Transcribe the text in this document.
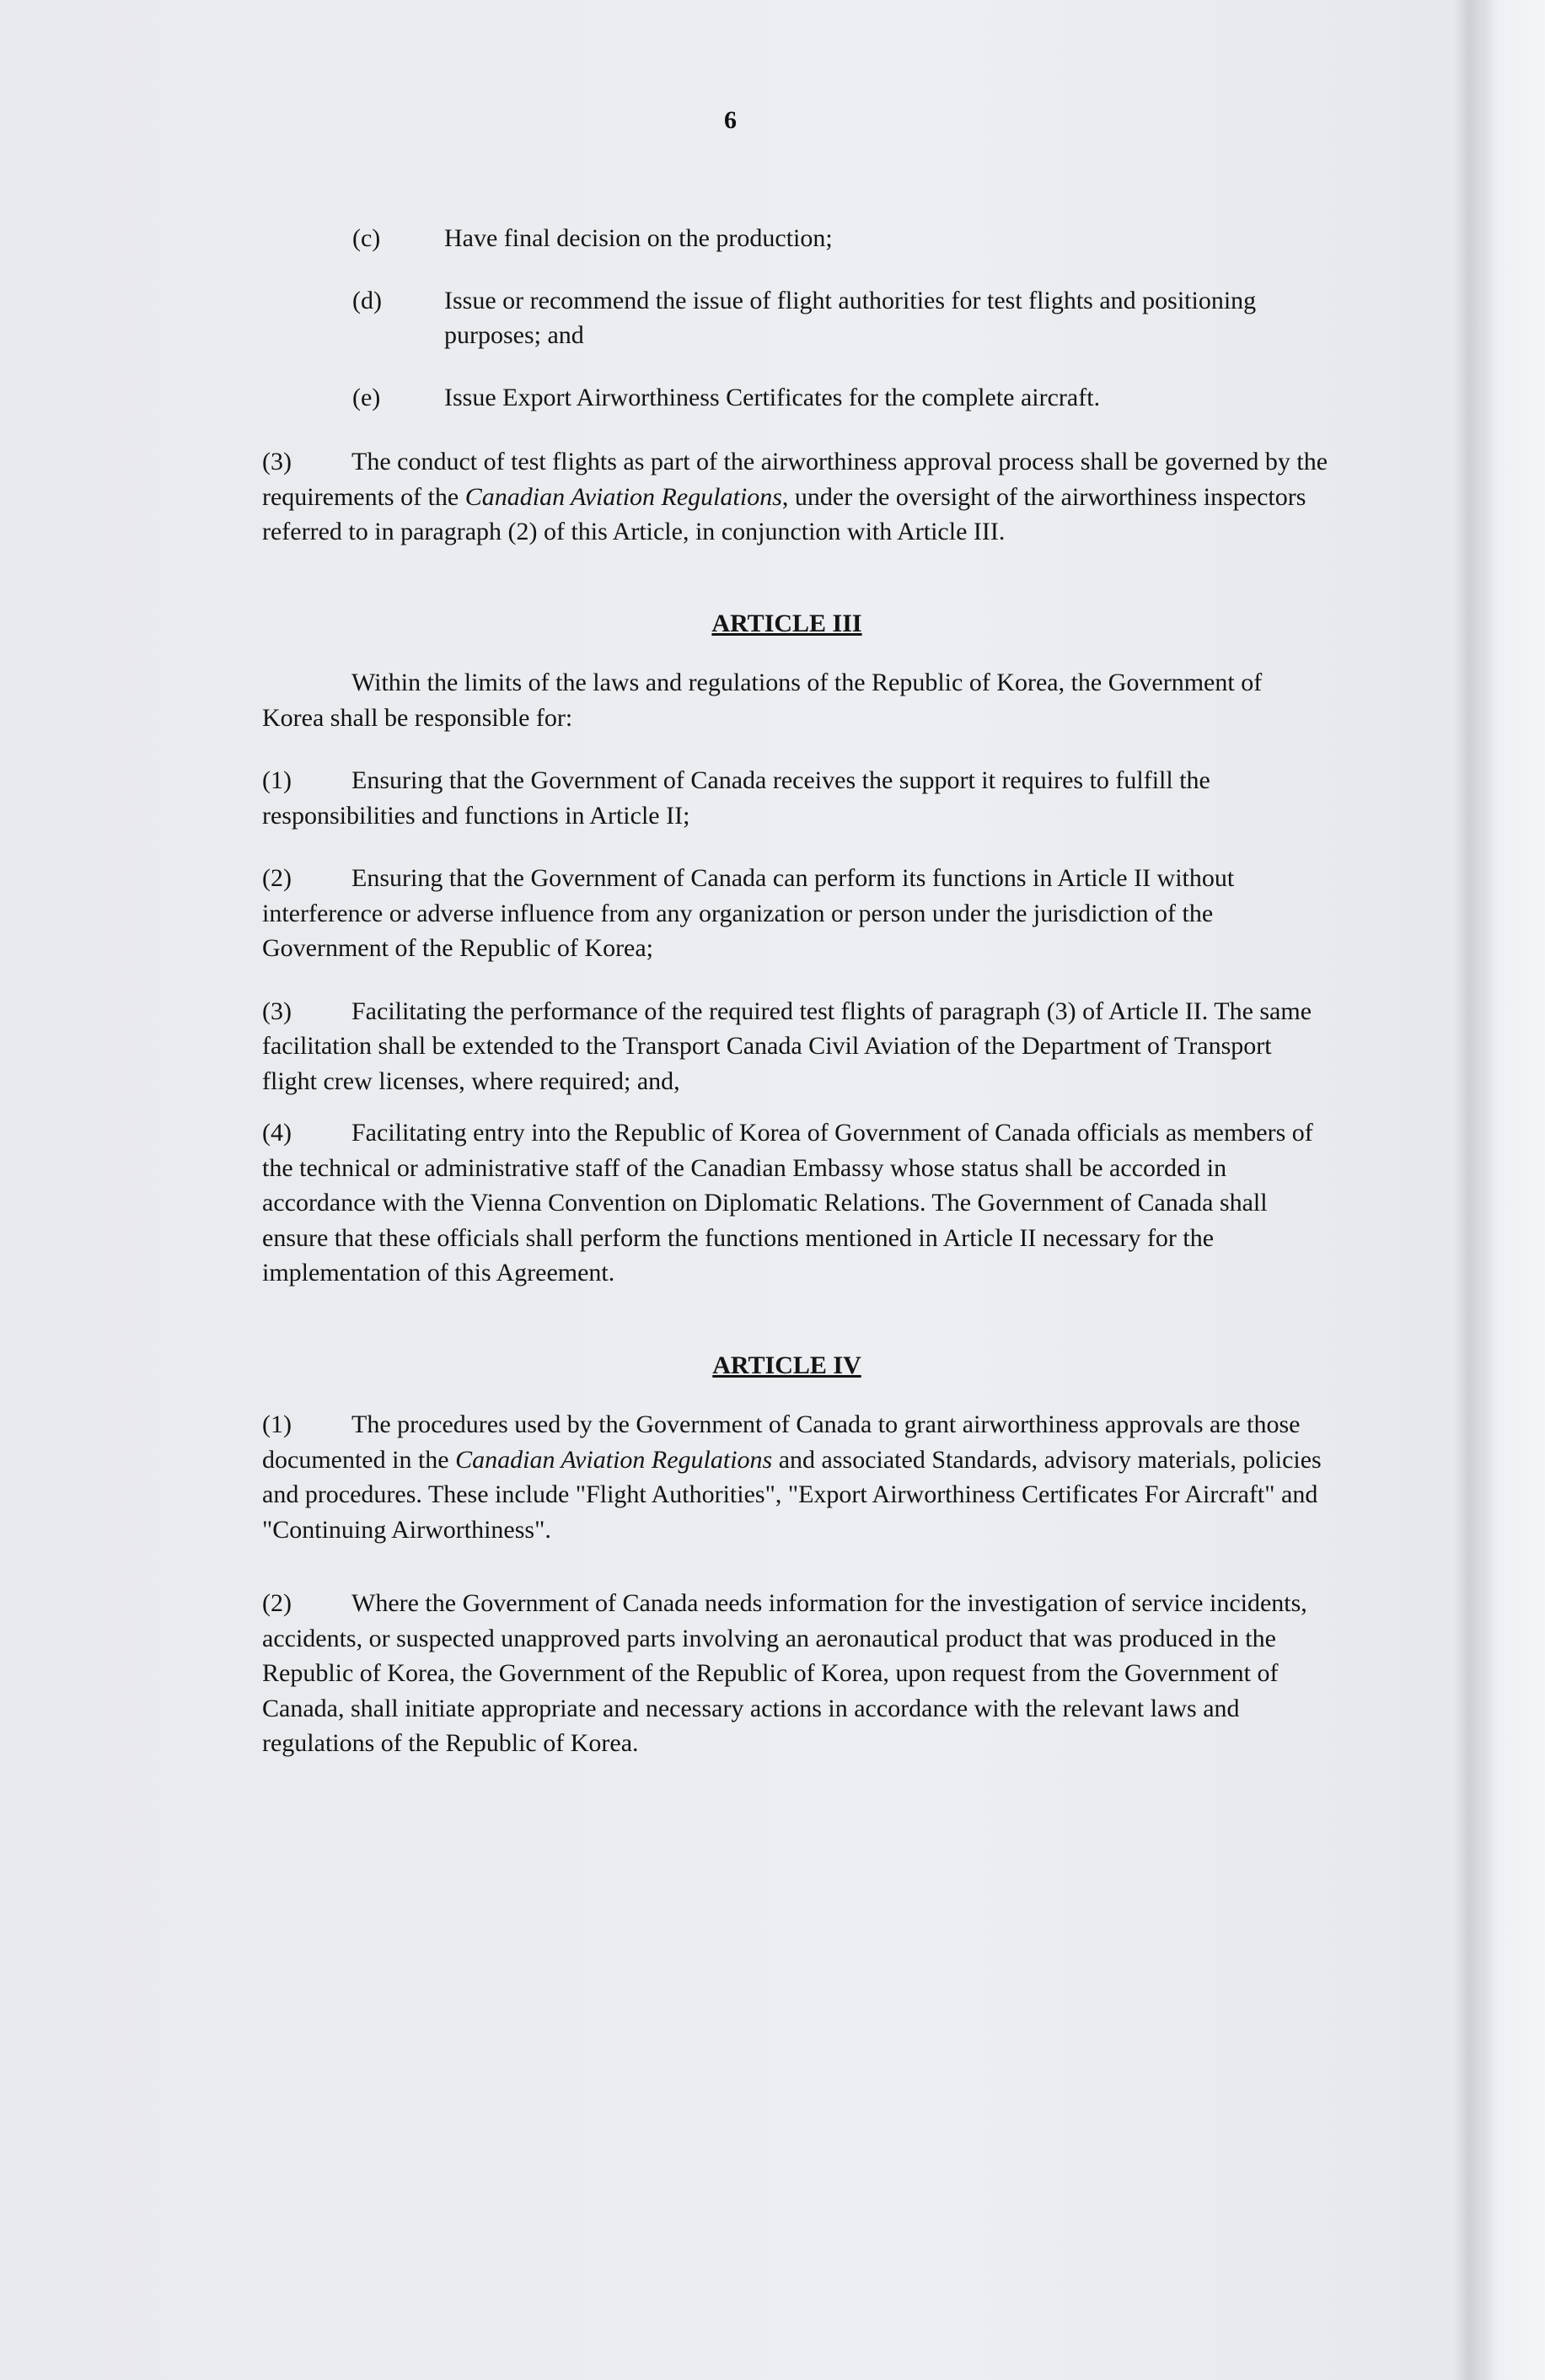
6
(c)	Have final decision on the production;
(d) Issue or recommend the issue of flight authorities for test flights and positioning purposes; and
(e)	Issue Export Airworthiness Certificates for the complete aircraft.

(3) The conduct of test flights as part of the airworthiness approval process shall be governed by the requirements of the Canadian Aviation Regulations, under the oversight of the airworthiness inspectors referred to in paragraph (2) of this Article, in conjunction with Article III.

ARTICLE III

Within the limits of the laws and regulations of the Republic of Korea, the Government of Korea shall be responsible for:

(1) Ensuring that the Government of Canada receives the support it requires to fulfill the responsibilities and functions in Article II;

(2) Ensuring that the Government of Canada can perform its functions in Article II without interference or adverse influence from any organization or person under the jurisdiction of the Government of the Republic of Korea;

(3) Facilitating the performance of the required test flights of paragraph (3) of Article II. The same facilitation shall be extended to the Transport Canada Civil Aviation of the Department of Transport flight crew licenses, where required; and,

(4) Facilitating entry into the Republic of Korea of Government of Canada officials as members of the technical or administrative staff of the Canadian Embassy whose status shall be accorded in accordance with the Vienna Convention on Diplomatic Relations. The Government of Canada shall ensure that these officials shall perform the functions mentioned in Article II necessary for the implementation of this Agreement.

ARTICLE IV

(1) The procedures used by the Government of Canada to grant airworthiness approvals are those documented in the Canadian Aviation Regulations and associated Standards, advisory materials, policies and procedures. These include "Flight Authorities", "Export Airworthiness Certificates For Aircraft" and "Continuing Airworthiness".

(2) Where the Government of Canada needs information for the investigation of service incidents, accidents, or suspected unapproved parts involving an aeronautical product that was produced in the Republic of Korea, the Government of the Republic of Korea, upon request from the Government of Canada, shall initiate appropriate and necessary actions in accordance with the relevant laws and regulations of the Republic of Korea.
